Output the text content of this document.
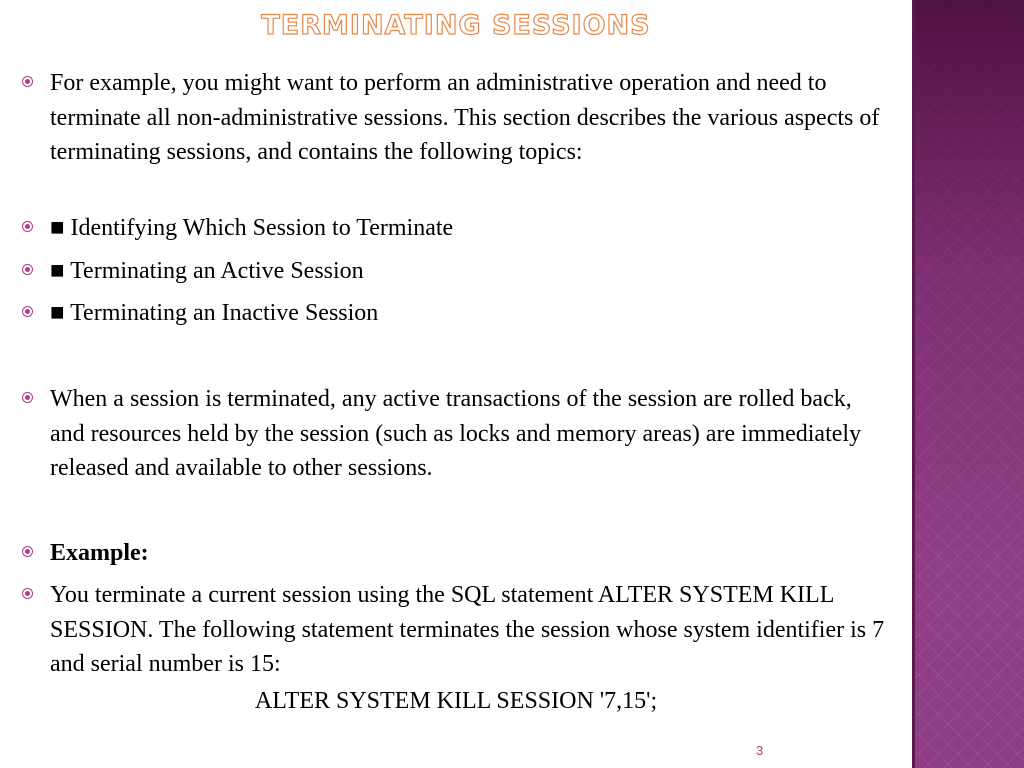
TERMINATING SESSIONS
For example, you might want to perform an administrative operation and need to terminate all non-administrative sessions. This section describes the various aspects of terminating sessions, and contains the following topics:
■ Identifying Which Session to Terminate
■ Terminating an Active Session
■ Terminating an Inactive Session
When a session is terminated, any active transactions of the session are rolled back, and resources held by the session (such as locks and memory areas) are immediately released and available to other sessions.
Example:
You terminate a current session using the SQL statement ALTER SYSTEM KILL SESSION. The following statement terminates the session whose system identifier is 7 and serial number is 15:
ALTER SYSTEM KILL SESSION '7,15';
3
